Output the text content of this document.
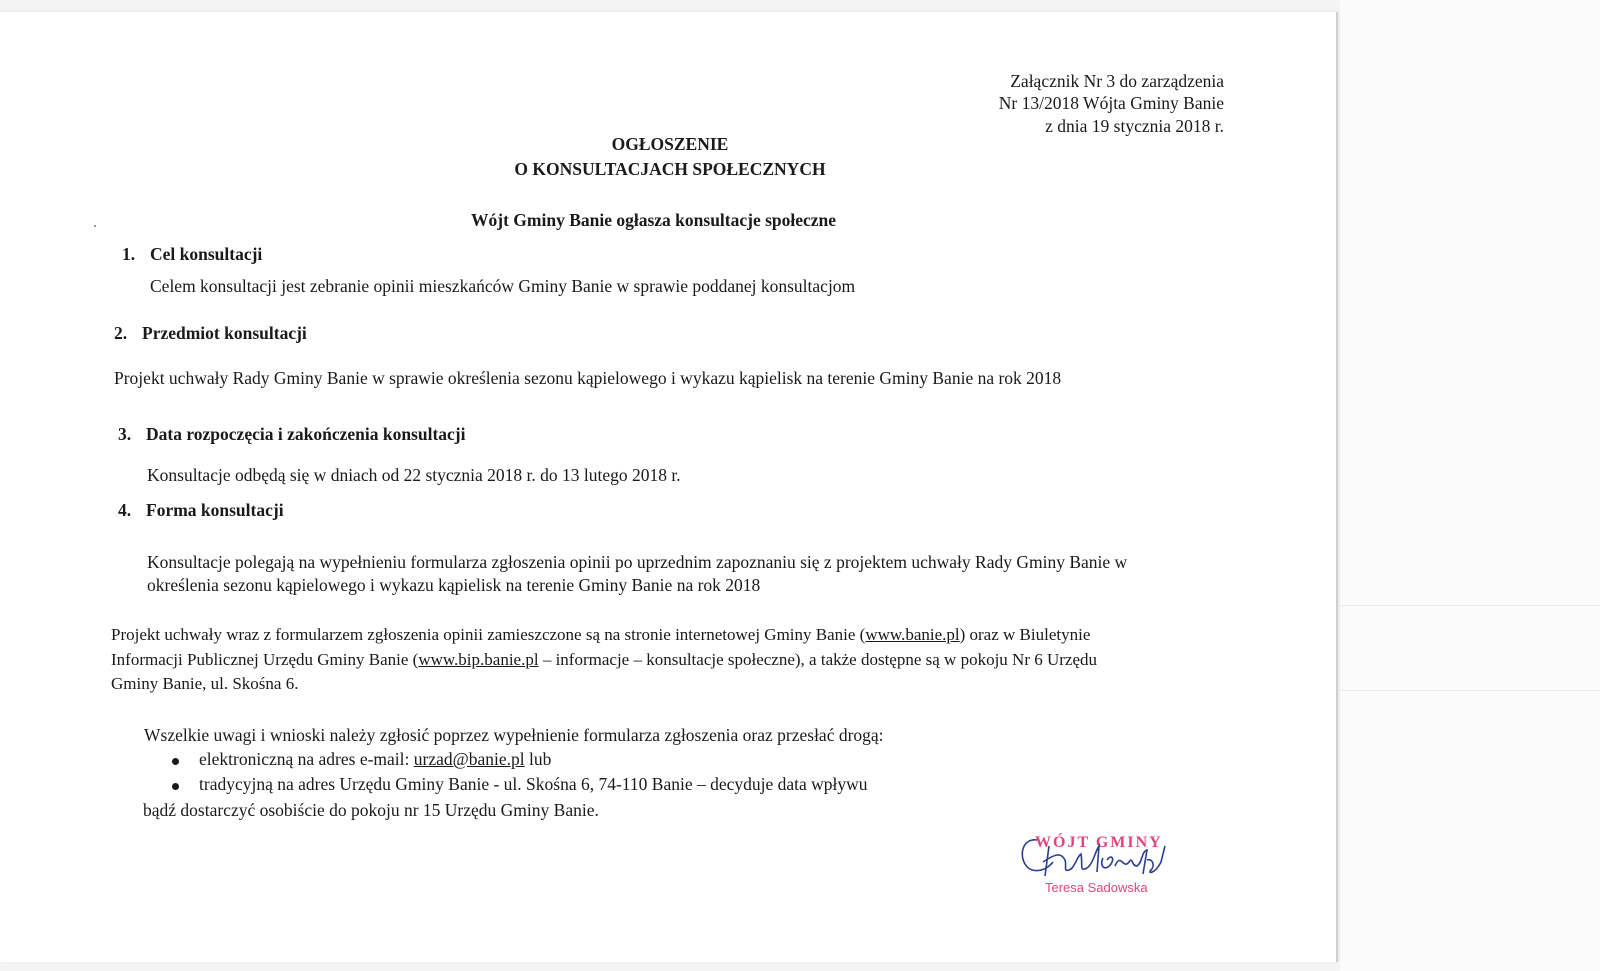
Załącznik Nr 3 do zarządzenia
Nr 13/2018 Wójta Gminy Banie
z dnia 19 stycznia 2018 r.
OGŁOSZENIE
O KONSULTACJACH SPOŁECZNYCH
Wójt Gminy Banie ogłasza konsultacje społeczne
1. Cel konsultacji
Celem konsultacji jest zebranie opinii mieszkańców Gminy Banie w sprawie poddanej konsultacjom
2. Przedmiot konsultacji
Projekt uchwały Rady Gminy Banie w sprawie określenia sezonu kąpielowego i wykazu kąpielisk na terenie Gminy Banie na rok 2018
3. Data rozpoczęcia i zakończenia konsultacji
Konsultacje odbędą się w dniach od 22 stycznia 2018 r. do 13 lutego 2018 r.
4. Forma konsultacji
Konsultacje polegają na wypełnieniu formularza zgłoszenia opinii po uprzednim zapoznaniu się z projektem uchwały Rady Gminy Banie w
określenia sezonu kąpielowego i wykazu kąpielisk na terenie Gminy Banie na rok 2018
Projekt uchwały wraz z formularzem zgłoszenia opinii zamieszczone są na stronie internetowej Gminy Banie (www.banie.pl) oraz w Biuletynie
Informacji Publicznej Urzędu Gminy Banie (www.bip.banie.pl – informacje – konsultacje społeczne), a także dostępne są w pokoju Nr 6 Urzędu
Gminy Banie, ul. Skośna 6.
Wszelkie uwagi i wnioski należy zgłosić poprzez wypełnienie formularza zgłoszenia oraz przesłać drogą:
elektroniczną na adres e-mail: urzad@banie.pl lub
tradycyjną na adres Urzędu Gminy Banie - ul. Skośna 6, 74-110 Banie – decyduje data wpływu
bądź dostarczyć osobiście do pokoju nr 15 Urzędu Gminy Banie.
WÓJT GMINY
Teresa Sadowska
